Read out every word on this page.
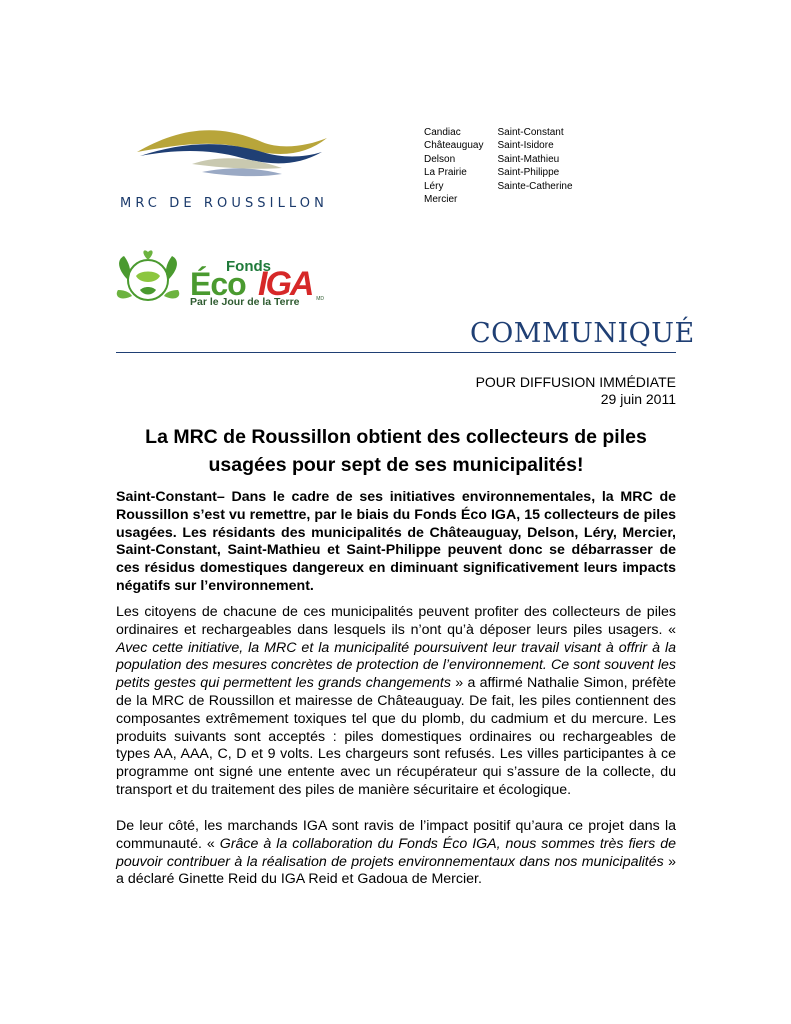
MRC DE ROUSSILLON
Candiac
Châteauguay
Delson
La Prairie
Léry
Mercier
Saint-Constant
Saint-Isidore
Saint-Mathieu
Saint-Philippe
Sainte-Catherine
Fonds
Éco IGA
Par le Jour de la Terre	MD
COMMUNIQUÉ
POUR DIFFUSION IMMÉDIATE
29 juin 2011
La MRC de Roussillon obtient des collecteurs de piles usagées pour sept de ses municipalités!
Saint-Constant– Dans le cadre de ses initiatives environnementales, la MRC de Roussillon s’est vu remettre, par le biais du Fonds Éco IGA, 15 collecteurs de piles usagées. Les résidants des municipalités de Châteauguay, Delson, Léry, Mercier, Saint-Constant, Saint-Mathieu et Saint-Philippe peuvent donc se débarrasser de ces résidus domestiques dangereux en diminuant significativement leurs impacts négatifs sur l’environnement.
Les citoyens de chacune de ces municipalités peuvent profiter des collecteurs de piles ordinaires et rechargeables dans lesquels ils n’ont qu’à déposer leurs piles usagers. « Avec cette initiative, la MRC et la municipalité poursuivent leur travail visant à offrir à la population des mesures concrètes de protection de l’environnement. Ce sont souvent les petits gestes qui permettent les grands changements » a affirmé Nathalie Simon, préfète de la MRC de Roussillon et mairesse de Châteauguay. De fait, les piles contiennent des composantes extrêmement toxiques tel que du plomb, du cadmium et du mercure. Les produits suivants sont acceptés : piles domestiques ordinaires ou rechargeables de types AA, AAA, C, D et 9 volts. Les chargeurs sont refusés. Les villes participantes à ce programme ont signé une entente avec un récupérateur qui s’assure de la collecte, du transport et du traitement des piles de manière sécuritaire et écologique.
De leur côté, les marchands IGA sont ravis de l’impact positif qu’aura ce projet dans la communauté. « Grâce à la collaboration du Fonds Éco IGA, nous sommes très fiers de pouvoir contribuer à la réalisation de projets environnementaux dans nos municipalités » a déclaré Ginette Reid du IGA Reid et Gadoua de Mercier.
